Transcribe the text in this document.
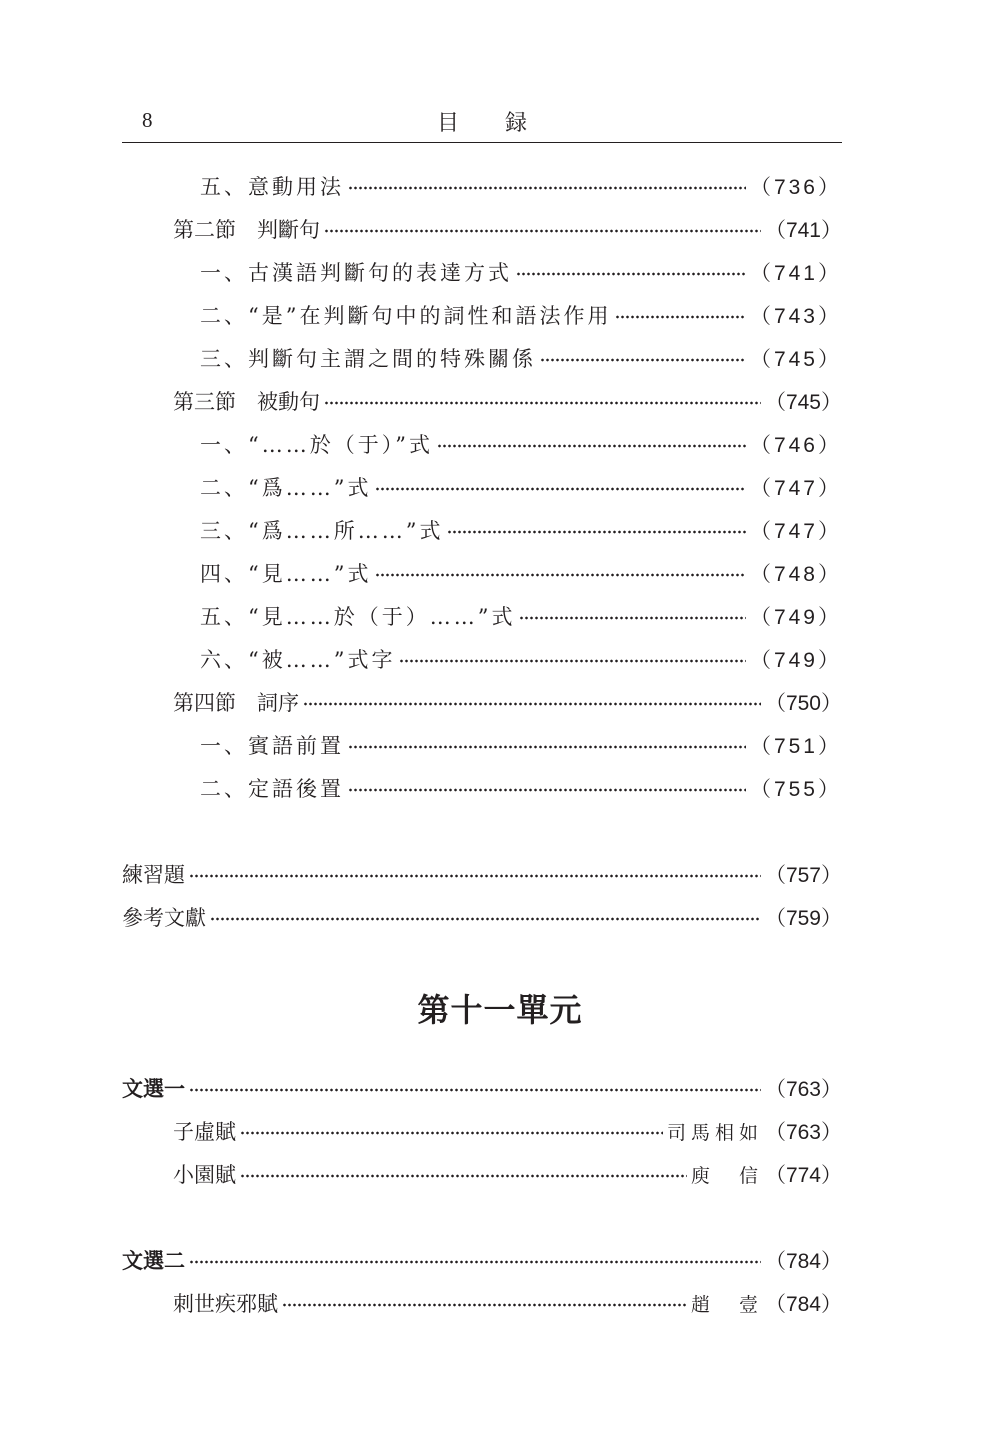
8	目録
五、意動用法	（736）
第二節　判斷句	（741）
一、古漢語判斷句的表達方式	（741）
二、“是”在判斷句中的詞性和語法作用	（743）
三、判斷句主謂之間的特殊關係	（745）
第三節　被動句	（745）
一、“……於（于）”式	（746）
二、“爲……”式	（747）
三、“爲……所……”式	（747）
四、“見……”式	（748）
五、“見……於（于）……”式	（749）
六、“被……”式字	（749）
第四節　詞序	（750）
一、賓語前置	（751）
二、定語後置	（755）
練習題	（757）
參考文獻	（759）
第十一單元
文選一	（763）
子虛賦	司馬相如 （763）
小園賦	庾　信 （774）
文選二	（784）
刺世疾邪賦	趙　壹 （784）
